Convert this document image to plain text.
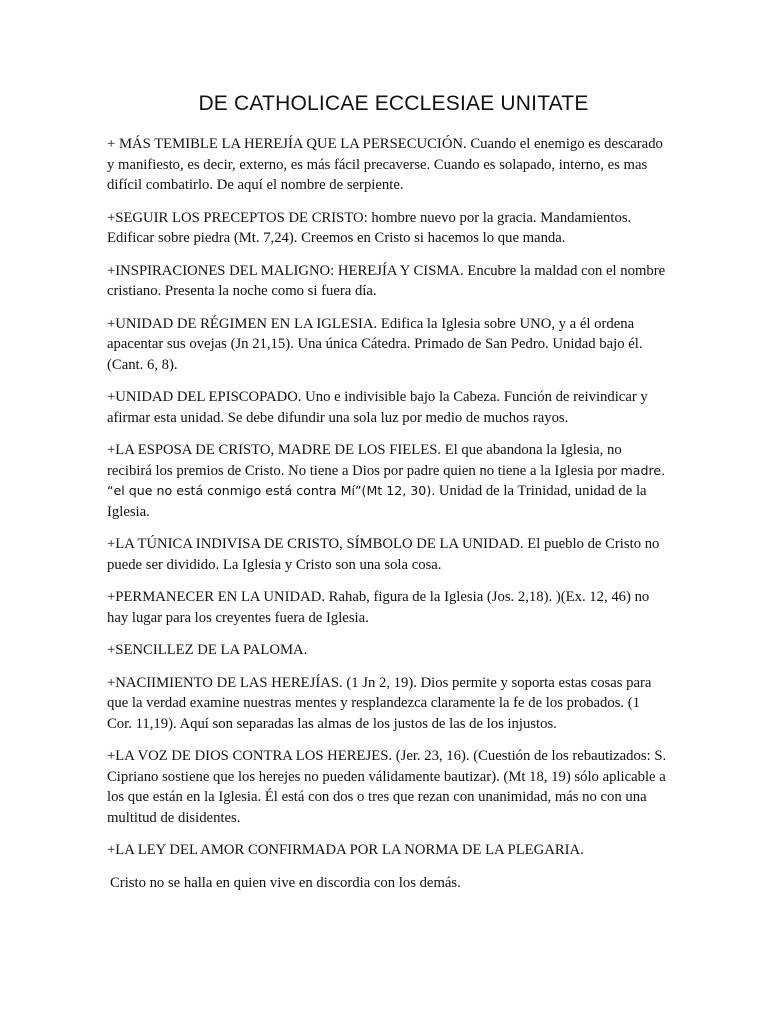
DE CATHOLICAE ECCLESIAE UNITATE

+ MÁS TEMIBLE LA HEREJÍA QUE LA PERSECUCIÓN. Cuando el enemigo es descarado y manifiesto, es decir, externo, es más fácil precaverse. Cuando es solapado, interno, es mas difícil combatirlo. De aquí el nombre de serpiente.

+SEGUIR LOS PRECEPTOS DE CRISTO: hombre nuevo por la gracia. Mandamientos. Edificar sobre piedra (Mt. 7,24). Creemos en Cristo si hacemos lo que manda.

+INSPIRACIONES DEL MALIGNO: HEREJÍA Y CISMA. Encubre la maldad con el nombre cristiano. Presenta la noche como si fuera día.

+UNIDAD DE RÉGIMEN EN LA IGLESIA. Edifica la Iglesia sobre UNO, y a él ordena apacentar sus ovejas (Jn 21,15). Una única Cátedra. Primado de San Pedro. Unidad bajo él. (Cant. 6, 8).

+UNIDAD DEL EPISCOPADO. Uno e indivisible bajo la Cabeza. Función de reivindicar y afirmar esta unidad. Se debe difundir una sola luz por medio de muchos rayos.

+LA ESPOSA DE CRISTO, MADRE DE LOS FIELES. El que abandona la Iglesia, no recibirá los premios de Cristo. No tiene a Dios por padre quien no tiene a la Iglesia por madre. “el que no está conmigo está contra Mí”(Mt 12, 30). Unidad de la Trinidad, unidad de la Iglesia.

+LA TÚNICA INDIVISA DE CRISTO, SÍMBOLO DE LA UNIDAD. El pueblo de Cristo no puede ser dividido. La Iglesia y Cristo son una sola cosa.

+PERMANECER EN LA UNIDAD. Rahab, figura de la Iglesia (Jos. 2,18). )(Ex. 12, 46) no hay lugar para los creyentes fuera de Iglesia.

+SENCILLEZ DE LA PALOMA.

+NACIIMIENTO DE LAS HEREJÍAS. (1 Jn 2, 19). Dios permite y soporta estas cosas para que la verdad examine nuestras mentes y resplandezca claramente la fe de los probados. (1 Cor. 11,19). Aquí son separadas las almas de los justos de las de los injustos.

+LA VOZ DE DIOS CONTRA LOS HEREJES. (Jer. 23, 16). (Cuestión de los rebautizados: S. Cipriano sostiene que los herejes no pueden válidamente bautizar). (Mt 18, 19) sólo aplicable a los que están en la Iglesia. Él está con dos o tres que rezan con unanimidad, más no con una multitud de disidentes.

+LA LEY DEL AMOR CONFIRMADA POR LA NORMA DE LA PLEGARIA.

Cristo no se halla en quien vive en discordia con los demás.
